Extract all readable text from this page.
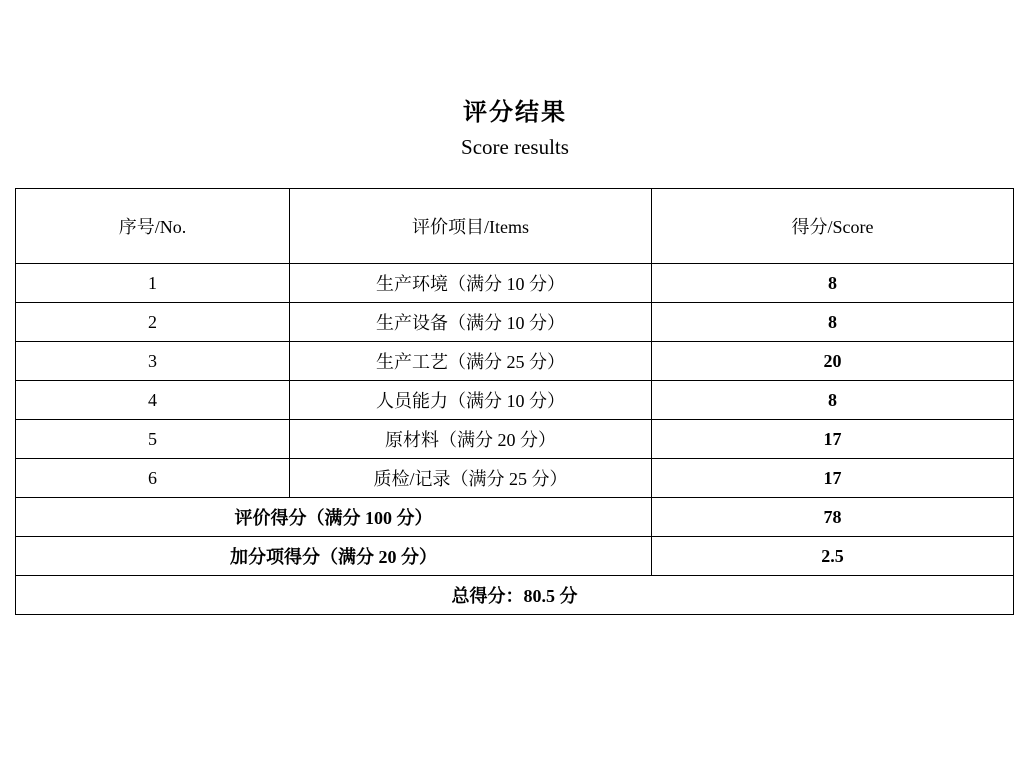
评分结果
Score results
序号/No.	评价项目/Items	得分/Score
1	生产环境（满分 10 分）	8
2	生产设备（满分 10 分）	8
3	生产工艺（满分 25 分）	20
4	人员能力（满分 10 分）	8
5	原材料（满分 20 分）	17
6	质检/记录（满分 25 分）	17
评价得分（满分 100 分）		78
加分项得分（满分 20 分）		2.5
总得分：80.5 分		
